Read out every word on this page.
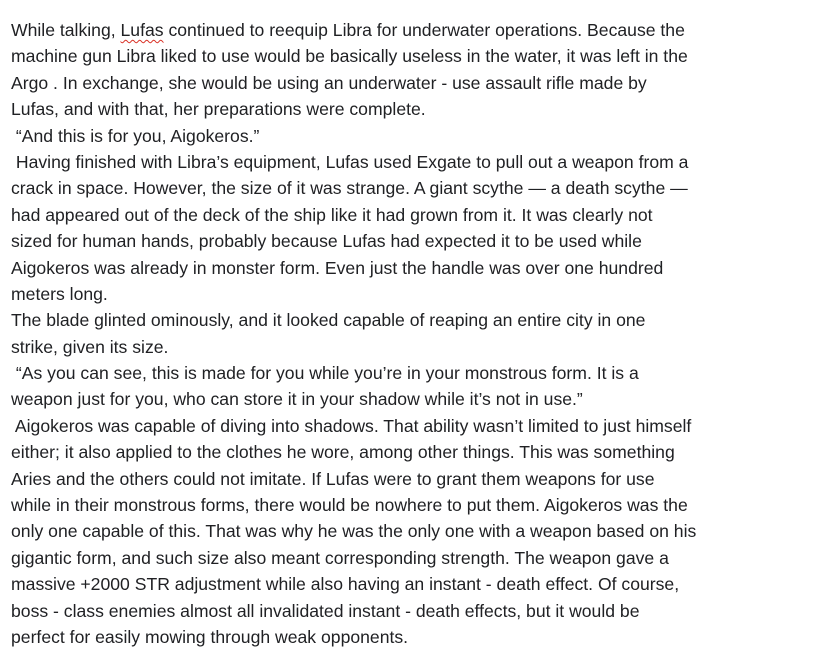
While talking, Lufas continued to reequip Libra for underwater operations. Because the
machine gun Libra liked to use would be basically useless in the water, it was left in the
Argo . In exchange, she would be using an underwater - use assault rifle made by
Lufas, and with that, her preparations were complete.

“And this is for you, Aigokeros.”

Having finished with Libra’s equipment, Lufas used Exgate to pull out a weapon from a
crack in space. However, the size of it was strange. A giant scythe — a death scythe —
had appeared out of the deck of the ship like it had grown from it. It was clearly not
sized for human hands, probably because Lufas had expected it to be used while
Aigokeros was already in monster form. Even just the handle was over one hundred
meters long.

The blade glinted ominously, and it looked capable of reaping an entire city in one
strike, given its size.

“As you can see, this is made for you while you’re in your monstrous form. It is a
weapon just for you, who can store it in your shadow while it’s not in use.”

Aigokeros was capable of diving into shadows. That ability wasn’t limited to just himself
either; it also applied to the clothes he wore, among other things. This was something
Aries and the others could not imitate. If Lufas were to grant them weapons for use
while in their monstrous forms, there would be nowhere to put them. Aigokeros was the
only one capable of this. That was why he was the only one with a weapon based on his
gigantic form, and such size also meant corresponding strength. The weapon gave a
massive +2000 STR adjustment while also having an instant - death effect. Of course,
boss - class enemies almost all invalidated instant - death effects, but it would be
perfect for easily mowing through weak opponents.
